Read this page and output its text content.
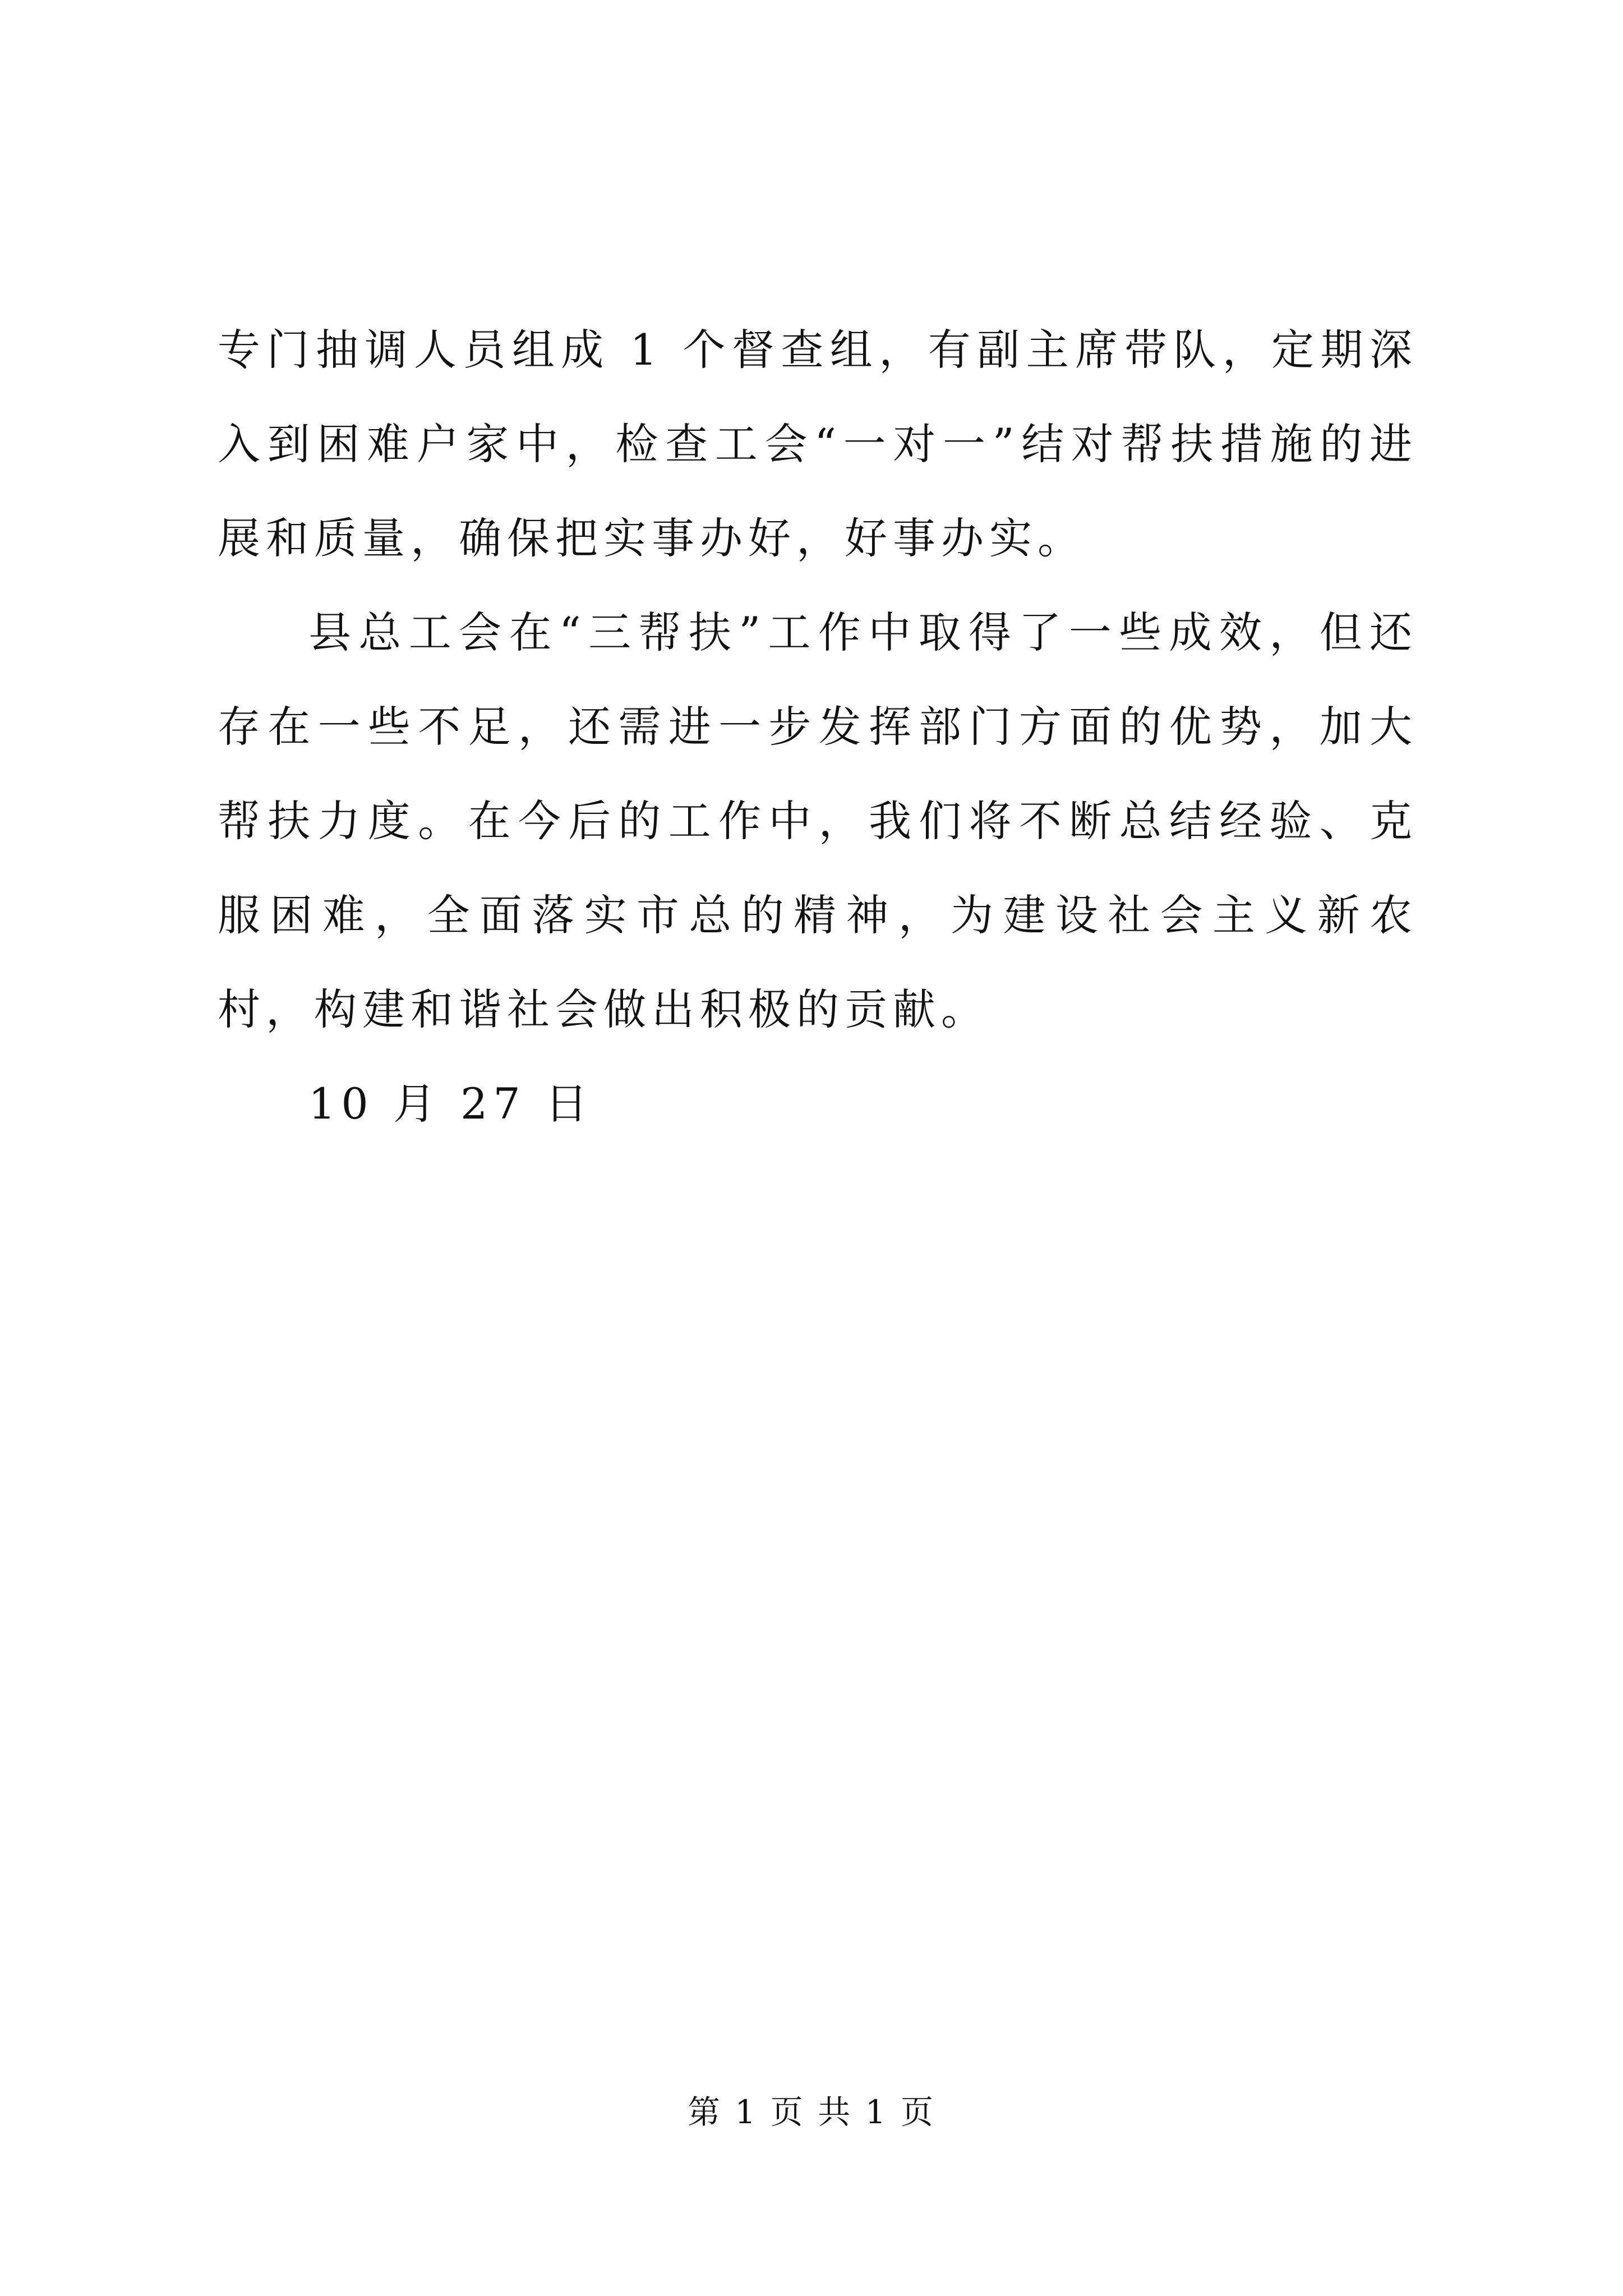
专门抽调人员组成 1 个督查组，有副主席带队，定期深入到困难户家中，检查工会“一对一”结对帮扶措施的进展和质量，确保把实事办好，好事办实。

县总工会在“三帮扶”工作中取得了一些成效，但还存在一些不足，还需进一步发挥部门方面的优势，加大帮扶力度。在今后的工作中，我们将不断总结经验、克服困难，全面落实市总的精神，为建设社会主义新农村，构建和谐社会做出积极的贡献。

10 月 27 日

第 1 页 共 1 页
